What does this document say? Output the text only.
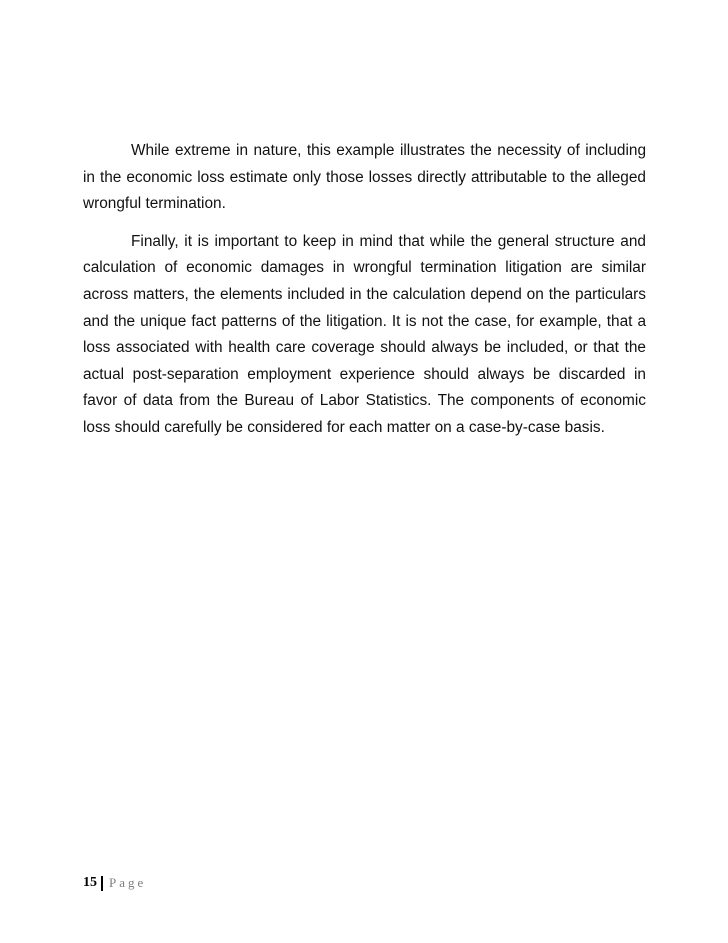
While extreme in nature, this example illustrates the necessity of including in the economic loss estimate only those losses directly attributable to the alleged wrongful termination.

Finally, it is important to keep in mind that while the general structure and calculation of economic damages in wrongful termination litigation are similar across matters, the elements included in the calculation depend on the particulars and the unique fact patterns of the litigation. It is not the case, for example, that a loss associated with health care coverage should always be included, or that the actual post-separation employment experience should always be discarded in favor of data from the Bureau of Labor Statistics. The components of economic loss should carefully be considered for each matter on a case-by-case basis.

15 Page
